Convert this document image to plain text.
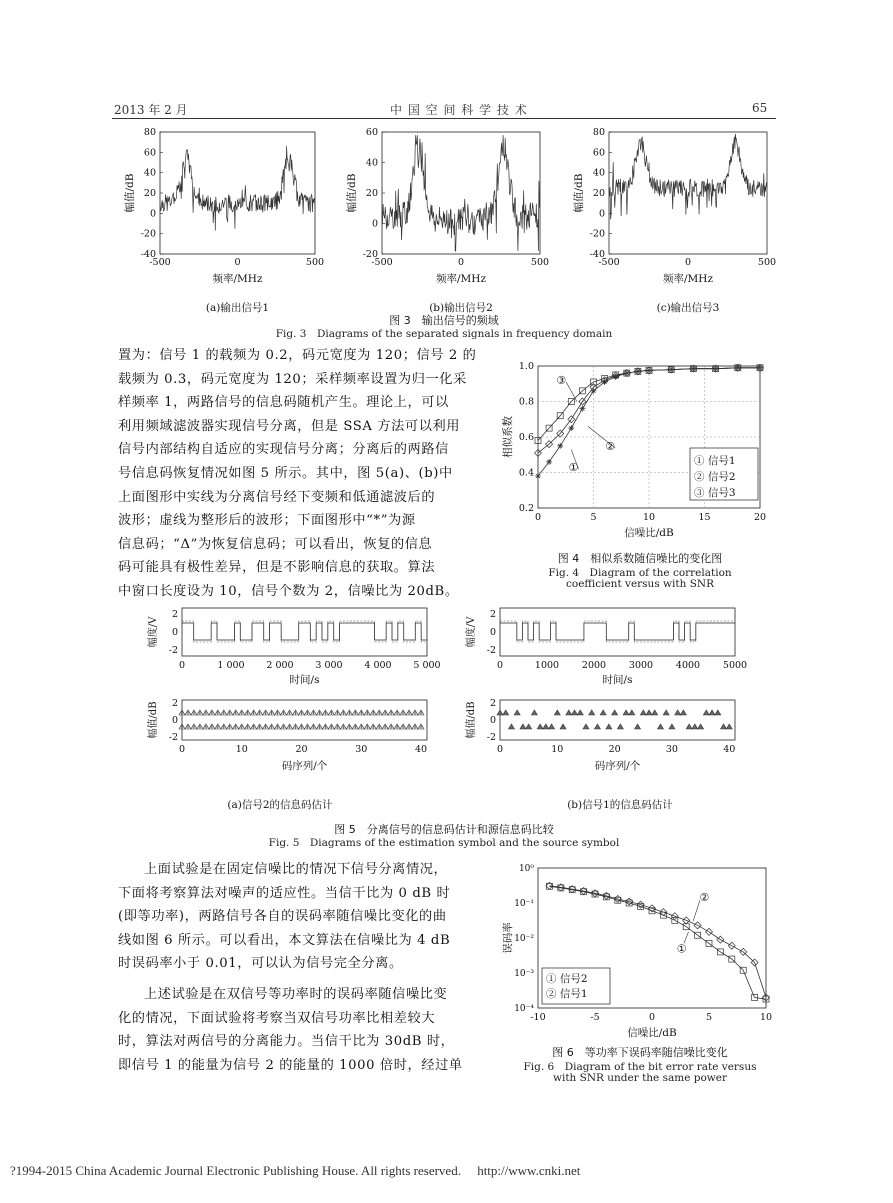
2013 年 2 月	中 国 空 间 科 学 技 术	65
80
60
40
20
0
-20
-40
-500	0	500
频率/MHz
幅值/dB
60
40
20
0
-20
-500	0	500
频率/MHz
幅值/dB
80
60
40
20
0
-20
-40
-500	0	500
频率/MHz
幅值/dB
图 3　输出信号的频域
Fig. 3　Diagrams of the separated signals in frequency domain
置为：信号 1 的载频为 0.2，码元宽度为 120；信号 2 的
载频为 0.3，码元宽度为 120；采样频率设置为归一化采
样频率 1，两路信号的信息码随机产生。理论上，可以
利用频域滤波器实现信号分离，但是 SSA 方法可以利用
信号内部结构自适应的实现信号分离；分离后的两路信
号信息码恢复情况如图 5 所示。其中，图 5(a)、(b)中
上面图形中实线为分离信号经下变频和低通滤波后的
波形；虚线为整形后的波形；下面图形中“*”为源
信息码；“Δ”为恢复信息码；可以看出，恢复的信息
码可能具有极性差异，但是不影响信息的获取。算法
中窗口长度设为 10，信号个数为 2，信噪比为 20dB。
1.0
0.8
0.6
0.4
0.2
0	5	10	15	20
信噪比/dB
相似系数
③
②
①
① 信号1
② 信号2
③ 信号3
图 4　相似系数随信噪比的变化图
Fig. 4　Diagram of the correlation
coefficient versus with SNR
2
0
-2
0	1 000 2 000 3 000 4 000 5 000
时间/s
幅度/V
2
0
-2
0	10	20	30	40
码序列/个
幅值/dB
2
0
-2
0	1000 2000 3000 4000 5000
时间/s
幅度/V
2
0
-2
0	10	20	30	40
码序列/个
幅值/dB
(a)信号2的信息码估计	(b)信号1的信息码估计
图 5　分离信号的信息码估计和源信息码比较
Fig. 5　Diagrams of the estimation symbol and the source symbol
上面试验是在固定信噪比的情况下信号分离情况，
下面将考察算法对噪声的适应性。当信干比为 0 dB 时
(即等功率)，两路信号各自的误码率随信噪比变化的曲
线如图 6 所示。可以看出，本文算法在信噪比为 4 dB
时误码率小于 0.01，可以认为信号完全分离。
上述试验是在双信号等功率时的误码率随信噪比变
化的情况，下面试验将考察当双信号功率比相差较大
时，算法对两信号的分离能力。当信干比为 30dB 时，
即信号 1 的能量为信号 2 的能量的 1000 倍时，经过单
10⁰
10⁻¹
10⁻²
10⁻³
10⁻⁴
-10	-5	0	5	10
信噪比/dB
误码率
②
①
① 信号2
② 信号1
图 6　等功率下误码率随信噪比变化
Fig. 6　Diagram of the bit error rate versus
with SNR under the same power
?1994-2015 China Academic Journal Electronic Publishing House. All rights reserved.　 http://www.cnki.net
(a)输出信号1	(b)输出信号2	(c)输出信号3
